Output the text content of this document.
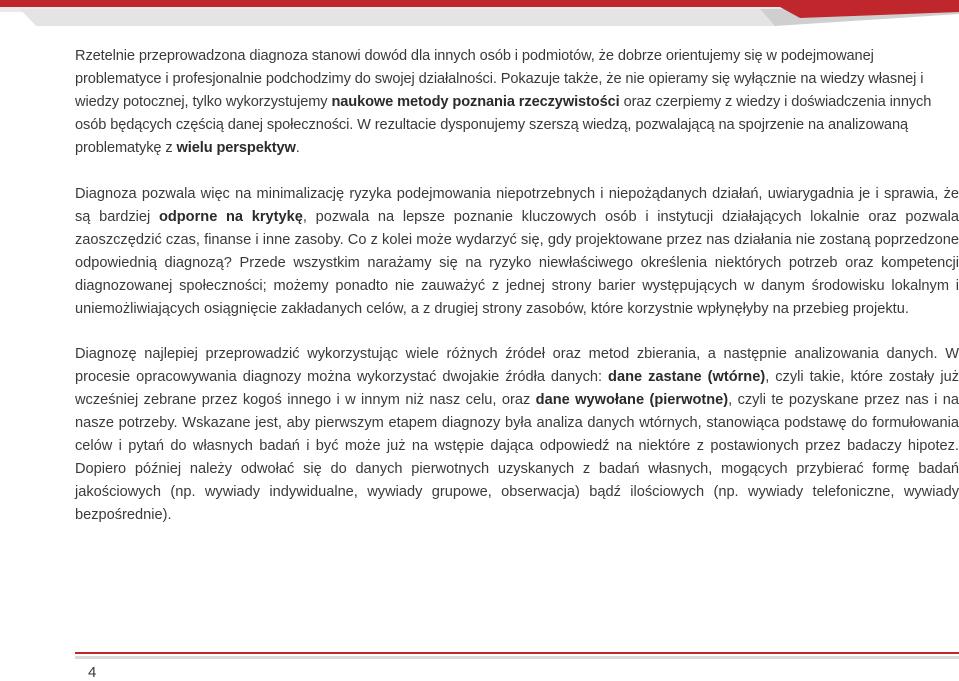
Rzetelnie przeprowadzona diagnoza stanowi dowód dla innych osób i podmiotów, że dobrze orientujemy się w podejmowanej problematyce i profesjonalnie podchodzimy do swojej działalności. Pokazuje także, że nie opieramy się wyłącznie na wiedzy własnej i wiedzy potocznej, tylko wykorzystujemy naukowe metody poznania rzeczywistości oraz czerpiemy z wiedzy i doświadczenia innych osób będących częścią danej społeczności. W rezultacie dysponujemy szerszą wiedzą, pozwalającą na spojrzenie na analizowaną problematykę z wielu perspektyw.

Diagnoza pozwala więc na minimalizację ryzyka podejmowania niepotrzebnych i niepożądanych działań, uwiarygadnia je i sprawia, że są bardziej odporne na krytykę, pozwala na lepsze poznanie kluczowych osób i instytucji działających lokalnie oraz pozwala zaoszczędzić czas, finanse i inne zasoby. Co z kolei może wydarzyć się, gdy projektowane przez nas działania nie zostaną poprzedzone odpowiednią diagnozą? Przede wszystkim narażamy się na ryzyko niewłaściwego określenia niektórych potrzeb oraz kompetencji diagnozowanej społeczności; możemy ponadto nie zauważyć z jednej strony barier występujących w danym środowisku lokalnym i uniemożliwiających osiągnięcie zakładanych celów, a z drugiej strony zasobów, które korzystnie wpłynęłyby na przebieg projektu.

Diagnozę najlepiej przeprowadzić wykorzystując wiele różnych źródeł oraz metod zbierania, a następnie analizowania danych. W procesie opracowywania diagnozy można wykorzystać dwojakie źródła danych: dane zastane (wtórne), czyli takie, które zostały już wcześniej zebrane przez kogoś innego i w innym niż nasz celu, oraz dane wywołane (pierwotne), czyli te pozyskane przez nas i na nasze potrzeby. Wskazane jest, aby pierwszym etapem diagnozy była analiza danych wtórnych, stanowiąca podstawę do formułowania celów i pytań do własnych badań i być może już na wstępie dająca odpowiedź na niektóre z postawionych przez badaczy hipotez. Dopiero później należy odwołać się do danych pierwotnych uzyskanych z badań własnych, mogących przybierać formę badań jakościowych (np. wywiady indywidualne, wywiady grupowe, obserwacja) bądź ilościowych (np. wywiady telefoniczne, wywiady bezpośrednie).

4
